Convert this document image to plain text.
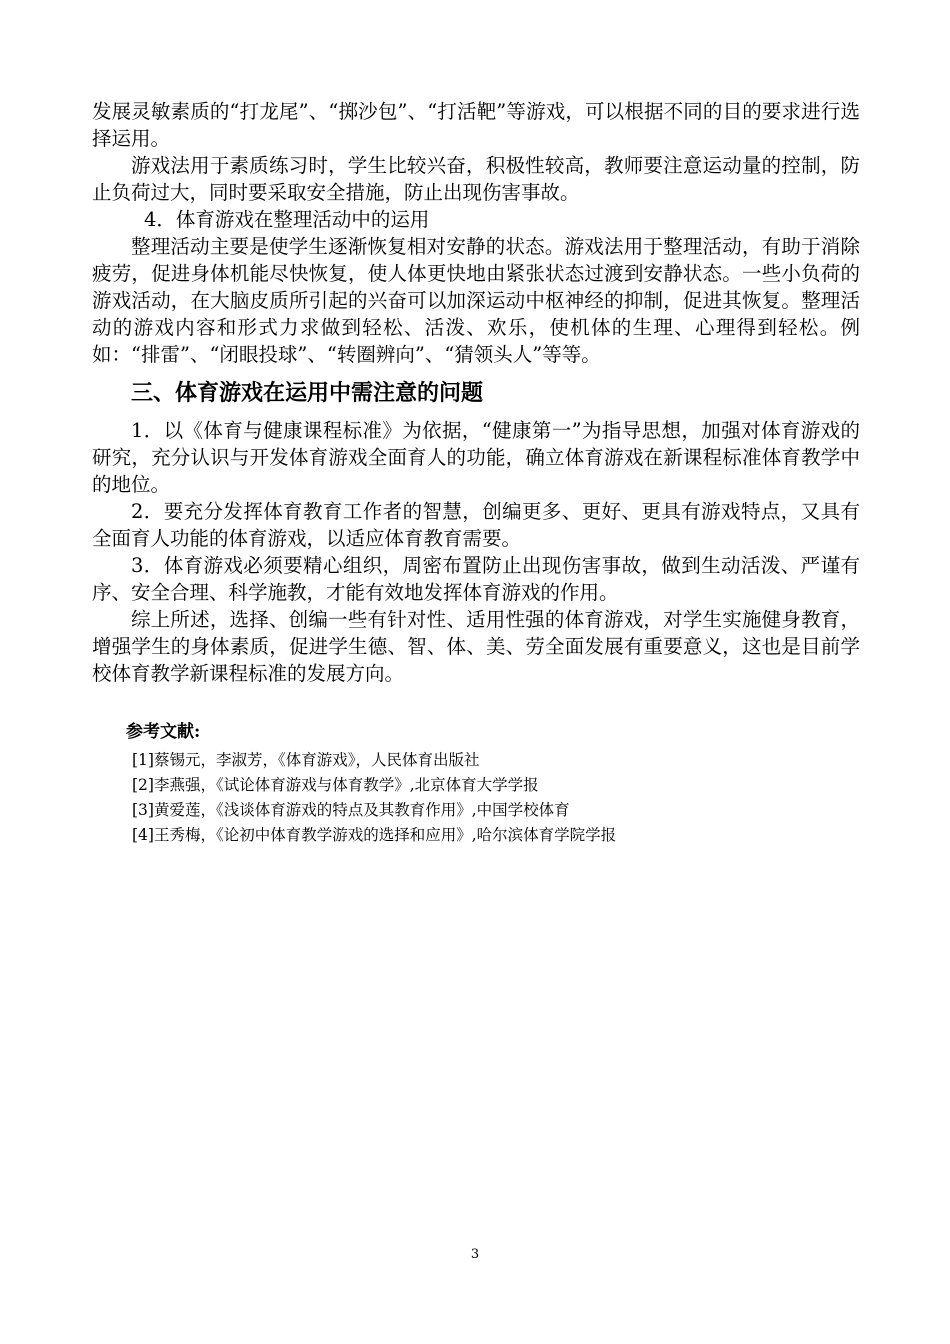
发展灵敏素质的“打龙尾”、“掷沙包”、“打活靶”等游戏，可以根据不同的目的要求进行选择运用。

游戏法用于素质练习时，学生比较兴奋，积极性较高，教师要注意运动量的控制，防止负荷过大，同时要采取安全措施，防止出现伤害事故。

4．体育游戏在整理活动中的运用

整理活动主要是使学生逐渐恢复相对安静的状态。游戏法用于整理活动，有助于消除疲劳，促进身体机能尽快恢复，使人体更快地由紧张状态过渡到安静状态。一些小负荷的游戏活动，在大脑皮质所引起的兴奋可以加深运动中枢神经的抑制，促进其恢复。整理活动的游戏内容和形式力求做到轻松、活泼、欢乐，使机体的生理、心理得到轻松。例如：“排雷”、“闭眼投球”、“转圈辨向”、“猜领头人”等等。

三、体育游戏在运用中需注意的问题

1．以《体育与健康课程标准》为依据，“健康第一”为指导思想，加强对体育游戏的研究，充分认识与开发体育游戏全面育人的功能，确立体育游戏在新课程标准体育教学中的地位。

2．要充分发挥体育教育工作者的智慧，创编更多、更好、更具有游戏特点，又具有全面育人功能的体育游戏，以适应体育教育需要。

3．体育游戏必须要精心组织，周密布置防止出现伤害事故，做到生动活泼、严谨有序、安全合理、科学施教，才能有效地发挥体育游戏的作用。

综上所述，选择、创编一些有针对性、适用性强的体育游戏，对学生实施健身教育，增强学生的身体素质，促进学生德、智、体、美、劳全面发展有重要意义，这也是目前学校体育教学新课程标准的发展方向。

参考文献:
[1]蔡锡元，李淑芳，《体育游戏》，人民体育出版社
[2]李燕强，《试论体育游戏与体育教学》,北京体育大学学报
[3]黄爱莲，《浅谈体育游戏的特点及其教育作用》,中国学校体育
[4]王秀梅，《论初中体育教学游戏的选择和应用》,哈尔滨体育学院学报
3
